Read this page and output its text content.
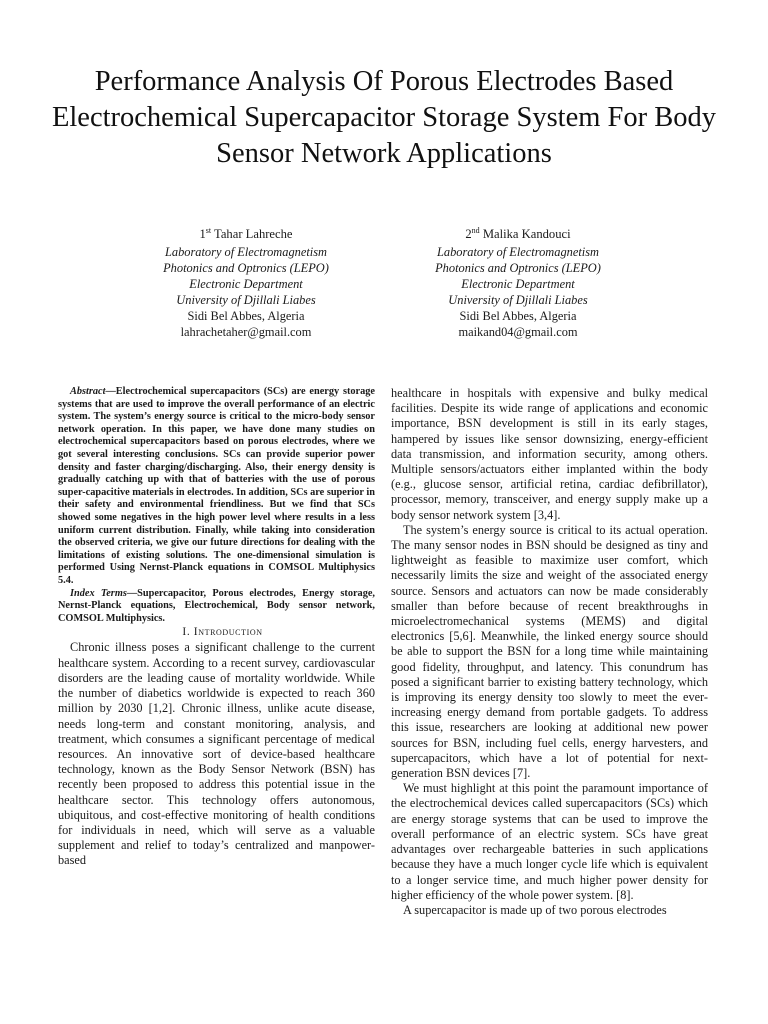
Performance Analysis Of Porous Electrodes Based Electrochemical Supercapacitor Storage System For Body Sensor Network Applications
1st Tahar Lahreche
Laboratory of Electromagnetism
Photonics and Optronics (LEPO)
Electronic Department
University of Djillali Liabes
Sidi Bel Abbes, Algeria
lahrachetaher@gmail.com
2nd Malika Kandouci
Laboratory of Electromagnetism
Photonics and Optronics (LEPO)
Electronic Department
University of Djillali Liabes
Sidi Bel Abbes, Algeria
maikand04@gmail.com

Abstract—Electrochemical supercapacitors (SCs) are energy storage systems that are used to improve the overall performance of an electric system. The system’s energy source is critical to the micro-body sensor network operation. In this paper, we have done many studies on electrochemical supercapacitors based on porous electrodes, where we got several interesting conclusions. SCs can provide superior power density and faster charging/discharging. Also, their energy density is gradually catching up with that of batteries with the use of porous super-capacitive materials in electrodes. In addition, SCs are superior in their safety and environmental friendliness. But we find that SCs showed some negatives in the high power level where results in a less uniform current distribution. Finally, while taking into consideration the observed criteria, we give our future directions for dealing with the limitations of existing solutions. The one-dimensional simulation is performed Using Nernst-Planck equations in COMSOL Multiphysics 5.4.

Index Terms—Supercapacitor, Porous electrodes, Energy storage, Nernst-Planck equations, Electrochemical, Body sensor network, COMSOL Multiphysics.

I. Introduction

Chronic illness poses a significant challenge to the current healthcare system. According to a recent survey, cardiovascular disorders are the leading cause of mortality worldwide. While the number of diabetics worldwide is expected to reach 360 million by 2030 [1,2]. Chronic illness, unlike acute disease, needs long-term and constant monitoring, analysis, and treatment, which consumes a significant percentage of medical resources. An innovative sort of device-based healthcare technology, known as the Body Sensor Network (BSN) has recently been proposed to address this potential issue in the healthcare sector. This technology offers autonomous, ubiquitous, and cost-effective monitoring of health conditions for individuals in need, which will serve as a valuable supplement and relief to today’s centralized and manpower-based

healthcare in hospitals with expensive and bulky medical facilities. Despite its wide range of applications and economic importance, BSN development is still in its early stages, hampered by issues like sensor downsizing, energy-efficient data transmission, and information security, among others. Multiple sensors/actuators either implanted within the body (e.g., glucose sensor, artificial retina, cardiac defibrillator), processor, memory, transceiver, and energy supply make up a body sensor network system [3,4].

The system’s energy source is critical to its actual operation. The many sensor nodes in BSN should be designed as tiny and lightweight as feasible to maximize user comfort, which necessarily limits the size and weight of the associated energy source. Sensors and actuators can now be made considerably smaller than before because of recent breakthroughs in microelectromechanical systems (MEMS) and digital electronics [5,6]. Meanwhile, the linked energy source should be able to support the BSN for a long time while maintaining good fidelity, throughput, and latency. This conundrum has posed a significant barrier to existing battery technology, which is improving its energy density too slowly to meet the ever-increasing energy demand from portable gadgets. To address this issue, researchers are looking at additional new power sources for BSN, including fuel cells, energy harvesters, and supercapacitors, which have a lot of potential for next-generation BSN devices [7].

We must highlight at this point the paramount importance of the electrochemical devices called supercapacitors (SCs) which are energy storage systems that can be used to improve the overall performance of an electric system. SCs have great advantages over rechargeable batteries in such applications because they have a much longer cycle life which is equivalent to a longer service time, and much higher power density for higher efficiency of the whole power system. [8].

A supercapacitor is made up of two porous electrodes
